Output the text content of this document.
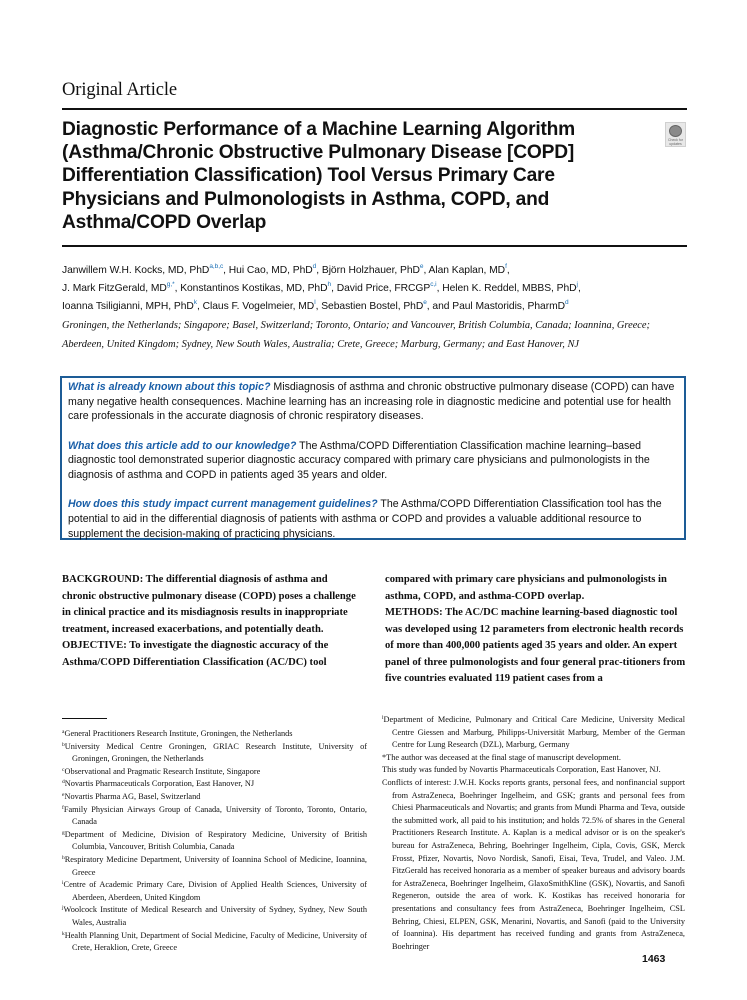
Original Article
Diagnostic Performance of a Machine Learning Algorithm (Asthma/Chronic Obstructive Pulmonary Disease [COPD] Differentiation Classification) Tool Versus Primary Care Physicians and Pulmonologists in Asthma, COPD, and Asthma/COPD Overlap
Check for updates
Janwillem W.H. Kocks, MD, PhD$^{a,b,c}$, Hui Cao, MD, PhD$^d$, Björn Holzhauer, PhD$^e$, Alan Kaplan, $MD^f$,
J. Mark FitzGerald, $MD^{g,*}$, Konstantinos Kostikas, MD, PhD$^h$, David Price, FRCGP$^{c,i}$, Helen K. Reddel, MBBS, PhD$^j$,
Ioanna Tsiligianni, MPH, PhD$^k$, Claus F. Vogelmeier, $MD^l$, Sebastien Bostel, PhD$^e$, and Paul Mastoridis, PharmD$^d$
Groningen, the Netherlands; Singapore; Basel, Switzerland; Toronto, Ontario; and Vancouver, British Columbia, Canada; Ioannina, Greece; Aberdeen, United Kingdom; Sydney, New South Wales, Australia; Crete, Greece; Marburg, Germany; and East Hanover, NJ

What is already known about this topic? Misdiagnosis of asthma and chronic obstructive pulmonary disease (COPD) can have many negative health consequences. Machine learning has an increasing role in diagnostic medicine and potential use for health care professionals in the accurate diagnosis of chronic respiratory diseases.

What does this article add to our knowledge? The Asthma/COPD Differentiation Classification machine learning–based diagnostic tool demonstrated superior diagnostic accuracy compared with primary care physicians and pulmonologists in the diagnosis of asthma and COPD in patients aged 35 years and older.

How does this study impact current management guidelines? The Asthma/COPD Differentiation Classification tool has the potential to aid in the differential diagnosis of patients with asthma or COPD and provides a valuable additional resource to supplement the decision-making of practicing physicians.

BACKGROUND: The differential diagnosis of asthma and chronic obstructive pulmonary disease (COPD) poses a challenge in clinical practice and its misdiagnosis results in inappropriate treatment, increased exacerbations, and potentially death.
OBJECTIVE: To investigate the diagnostic accuracy of the Asthma/COPD Differentiation Classification (AC/DC) tool
compared with primary care physicians and pulmonologists in asthma, COPD, and asthma-COPD overlap.
METHODS: The AC/DC machine learning-based diagnostic tool was developed using 12 parameters from electronic health records of more than 400,000 patients aged 35 years and older. An expert panel of three pulmonologists and four general prac-titioners from five countries evaluated 119 patient cases from a
$^a$General Practitioners Research Institute, Groningen, the Netherlands
$^b$University Medical Centre Groningen, GRIAC Research Institute, University of Groningen, Groningen, the Netherlands
$^c$Observational and Pragmatic Research Institute, Singapore
$^d$Novartis Pharmaceuticals Corporation, East Hanover, NJ
$^e$Novartis Pharma AG, Basel, Switzerland
$^f$Family Physician Airways Group of Canada, University of Toronto, Toronto, Ontario, Canada
$^g$Department of Medicine, Division of Respiratory Medicine, University of British Columbia, Vancouver, British Columbia, Canada
$^h$Respiratory Medicine Department, University of Ioannina School of Medicine, Ioannina, Greece
$^i$Centre of Academic Primary Care, Division of Applied Health Sciences, University of Aberdeen, Aberdeen, United Kingdom
$^j$Woolcock Institute of Medical Research and University of Sydney, Sydney, New South Wales, Australia
$^k$Health Planning Unit, Department of Social Medicine, Faculty of Medicine, University of Crete, Heraklion, Crete, Greece
$^l$Department of Medicine, Pulmonary and Critical Care Medicine, University Medical Centre Giessen and Marburg, Philipps-Universität Marburg, Member of the German Centre for Lung Research (DZL), Marburg, Germany
*The author was deceased at the final stage of manuscript development.
This study was funded by Novartis Pharmaceuticals Corporation, East Hanover, NJ.
Conflicts of interest: J.W.H. Kocks reports grants, personal fees, and nonfinancial support from AstraZeneca, Boehringer Ingelheim, and GSK; grants and personal fees from Chiesi Pharmaceuticals and Novartis; and grants from Mundi Pharma and Teva, outside the submitted work, all paid to his institution; and holds 72.5% of shares in the General Practitioners Research Institute. A. Kaplan is a medical advisor or is on the speaker's bureau for AstraZeneca, Behring, Boehringer Ingelheim, Cipla, Covis, GSK, Merck Frosst, Pfizer, Novartis, Novo Nordisk, Sanofi, Eisai, Teva, Trudel, and Valeo. J.M. FitzGerald has received honoraria as a member of speaker bureaus and advisory boards for AstraZeneca, Boehringer Ingelheim, GlaxoSmithKline (GSK), Novartis, and Sanofi Regeneron, outside the area of work. K. Kostikas has received honoraria for presentations and consultancy fees from AstraZeneca, Boehringer Ingelheim, CSL Behring, Chiesi, ELPEN, GSK, Menarini, Novartis, and Sanofi (paid to the University of Ioannina). His department has received funding and grants from AstraZeneca, Boehringer
1463
